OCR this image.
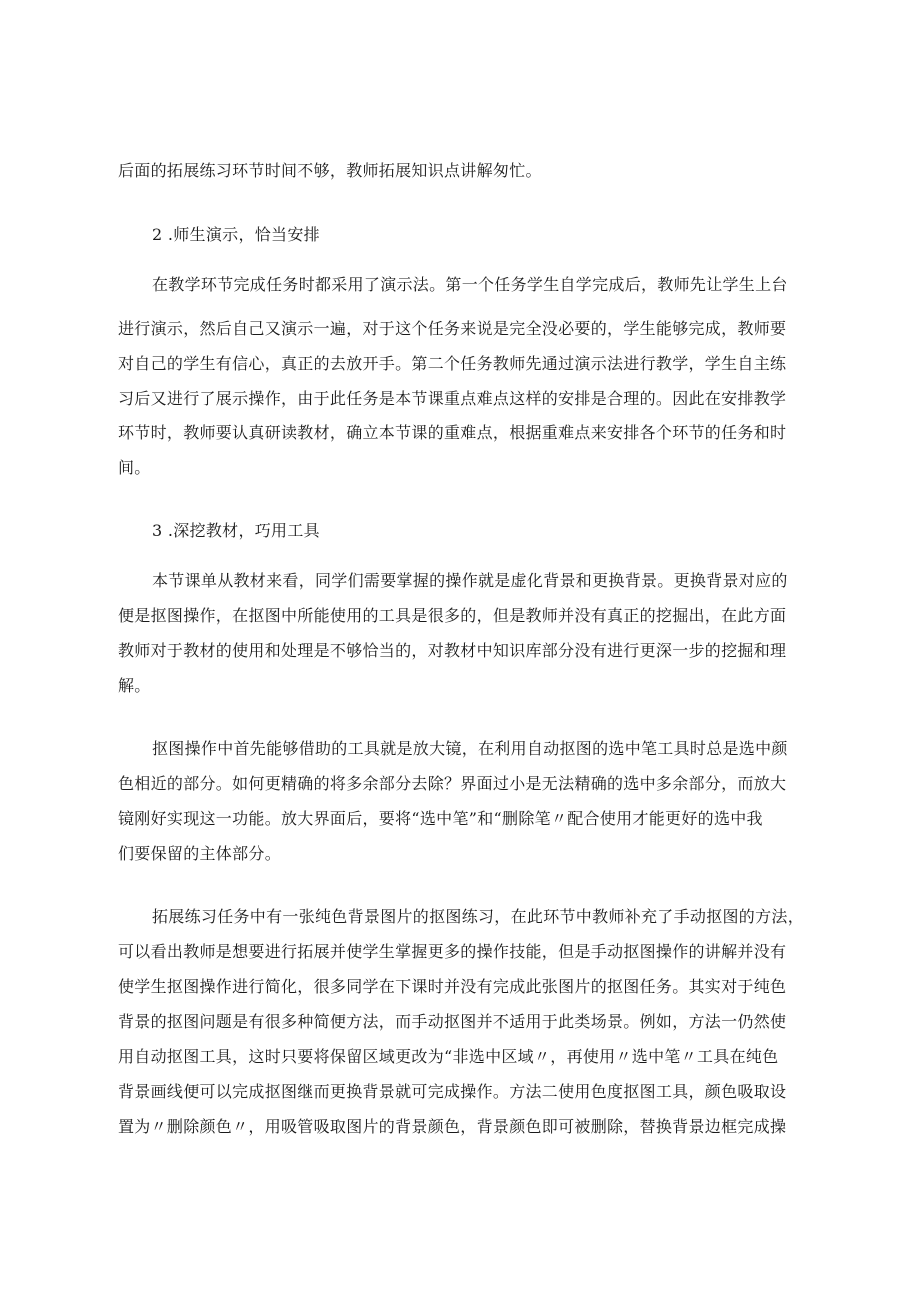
后面的拓展练习环节时间不够，教师拓展知识点讲解匆忙。
2 .师生演示，恰当安排
在教学环节完成任务时都采用了演示法。第一个任务学生自学完成后，教师先让学生上台
进行演示，然后自己又演示一遍，对于这个任务来说是完全没必要的，学生能够完成，教师要
对自己的学生有信心，真正的去放开手。第二个任务教师先通过演示法进行教学，学生自主练
习后又进行了展示操作，由于此任务是本节课重点难点这样的安排是合理的。因此在安排教学
环节时，教师要认真研读教材，确立本节课的重难点，根据重难点来安排各个环节的任务和时
间。
3 .深挖教材，巧用工具
本节课单从教材来看，同学们需要掌握的操作就是虚化背景和更换背景。更换背景对应的
便是抠图操作，在抠图中所能使用的工具是很多的，但是教师并没有真正的挖掘出，在此方面
教师对于教材的使用和处理是不够恰当的，对教材中知识库部分没有进行更深一步的挖掘和理
解。
抠图操作中首先能够借助的工具就是放大镜，在利用自动抠图的选中笔工具时总是选中颜
色相近的部分。如何更精确的将多余部分去除？界面过小是无法精确的选中多余部分，而放大
镜刚好实现这一功能。放大界面后，要将“选中笔”和“删除笔〃配合使用才能更好的选中我
们要保留的主体部分。
拓展练习任务中有一张纯色背景图片的抠图练习，在此环节中教师补充了手动抠图的方法，
可以看出教师是想要进行拓展并使学生掌握更多的操作技能，但是手动抠图操作的讲解并没有
使学生抠图操作进行简化，很多同学在下课时并没有完成此张图片的抠图任务。其实对于纯色
背景的抠图问题是有很多种简便方法，而手动抠图并不适用于此类场景。例如，方法一仍然使
用自动抠图工具，这时只要将保留区域更改为“非选中区域〃，再使用〃选中笔〃工具在纯色
背景画线便可以完成抠图继而更换背景就可完成操作。方法二使用色度抠图工具，颜色吸取设
置为〃删除颜色〃，用吸管吸取图片的背景颜色，背景颜色即可被删除，替换背景边框完成操
